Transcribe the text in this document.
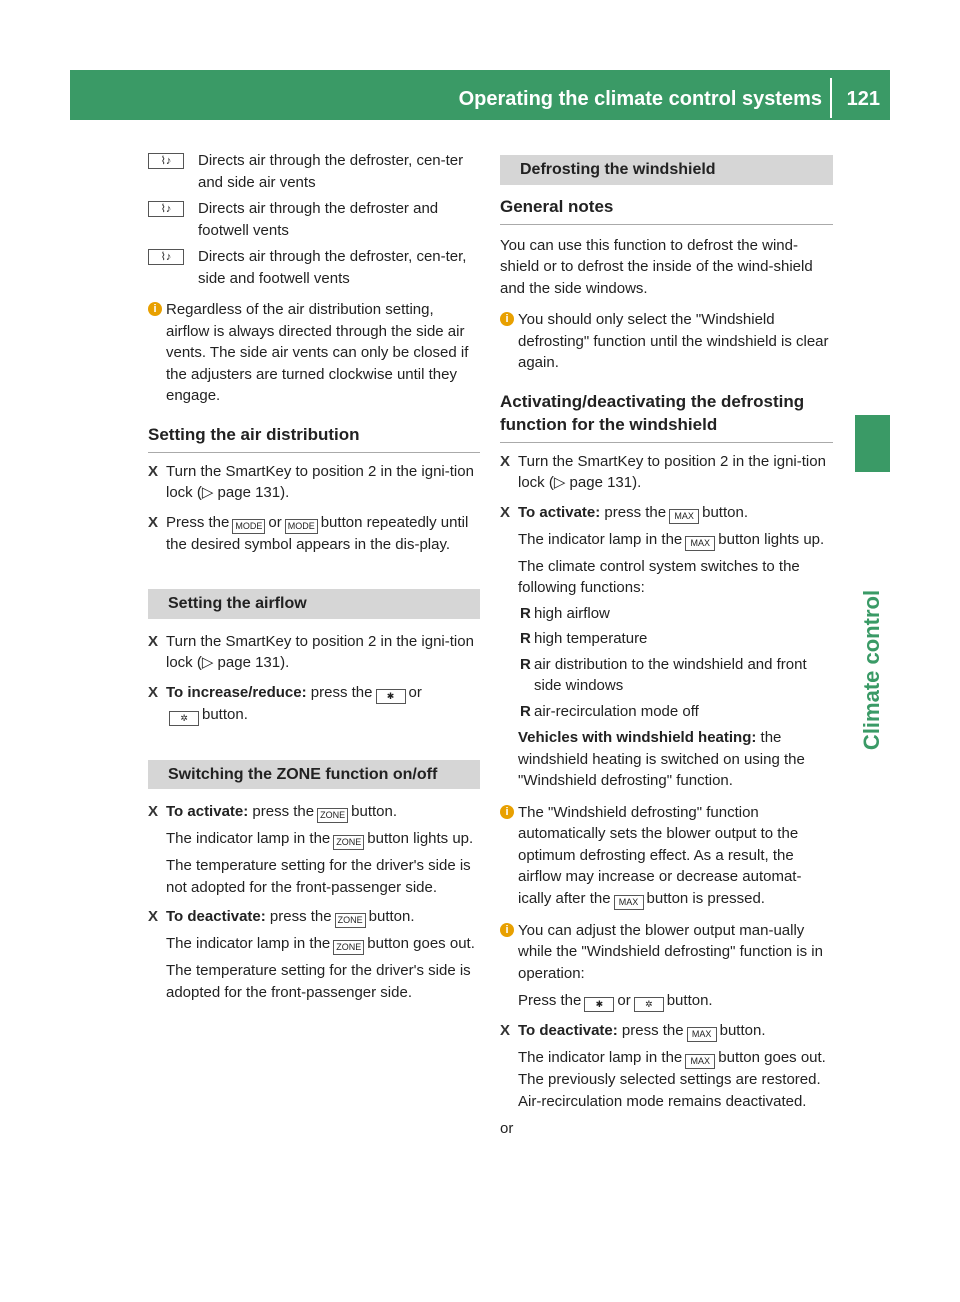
Operating the climate control systems 121
Climate control
⌇♪	Directs air through the defroster, cen-ter and side air vents

⌇♪	Directs air through the defroster and footwell vents

⌇♪	Directs air through the defroster, cen-ter, side and footwell vents

i Regardless of the air distribution setting, airflow is always directed through the side air vents. The side air vents can only be closed if the adjusters are turned clockwise until they engage.

Setting the air distribution
X Turn the SmartKey to position 2 in the igni-tion lock (▷ page 131).

X Press the MODE or MODE button repeatedly until the desired symbol appears in the dis-play.

Setting the airflow
X Turn the SmartKey to position 2 in the igni-tion lock (▷ page 131).

X To increase/reduce: press the ✱ or
✲ button.

Switching the ZONE function on/off
X To activate: press the ZONE button.

The indicator lamp in the ZONE button lights up.

The temperature setting for the driver's side is not adopted for the front-passenger side.

X To deactivate: press the ZONE button.

The indicator lamp in the ZONE button goes out.

The temperature setting for the driver's side is adopted for the front-passenger side.

Defrosting the windshield
General notes

You can use this function to defrost the wind-shield or to defrost the inside of the wind-shield and the side windows.

i You should only select the "Windshield defrosting" function until the windshield is clear again.

Activating/deactivating the defrosting function for the windshield
X Turn the SmartKey to position 2 in the igni-tion lock (▷ page 131).

X To activate: press the MAX button.

The indicator lamp in the MAX button lights up.

The climate control system switches to the following functions:

R high airflow
R high temperature
R air distribution to the windshield and front side windows
R air-recirculation mode off

Vehicles with windshield heating: the windshield heating is switched on using the "Windshield defrosting" function.

i The "Windshield defrosting" function automatically sets the blower output to the optimum defrosting effect. As a result, the airflow may increase or decrease automat-ically after the MAX button is pressed.

i You can adjust the blower output man-ually while the "Windshield defrosting" function is in operation:

Press the ✱ or ✲ button.

X To deactivate: press the MAX button.

The indicator lamp in the MAX button goes out. The previously selected settings are restored. Air-recirculation mode remains deactivated.

or
